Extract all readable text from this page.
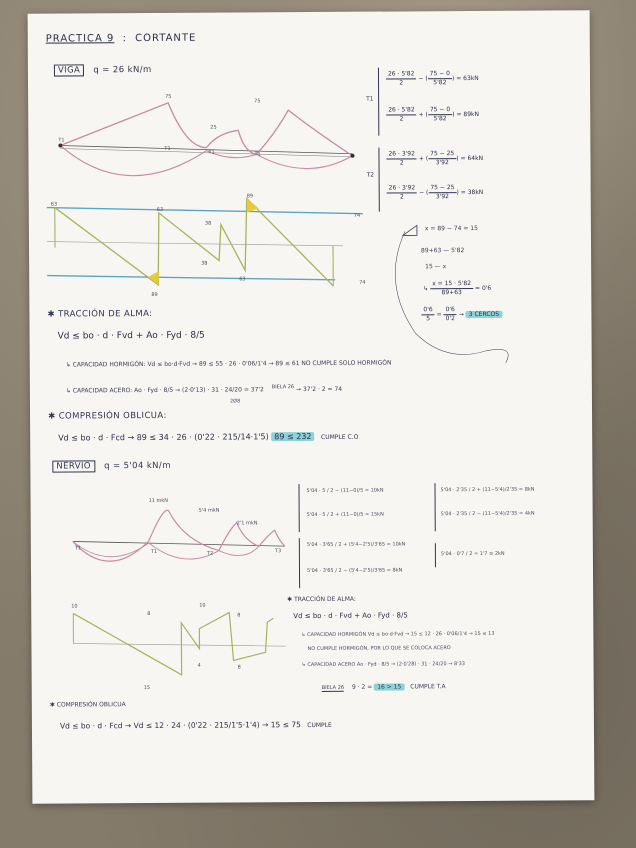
PRACTICA 9 : CORTANTE
VIGA q = 26 kN/m
75
25
75
T1
T1
T1	T1
63
63
89
38
38
89
63
74
74
T1
$\frac{26 \cdot 5'82}{2}$ − ( $\frac{75 - 0}{5'82}$ ) = 63kN
$\frac{26 \cdot 5'82}{2}$ + ( $\frac{75 - 0}{5'82}$ ) = 89kN
T2
$\frac{26 \cdot 3'92}{2}$ + ( $\frac{75 - 25}{3'92}$ ) = 64kN
$\frac{26 \cdot 3'92}{2}$ − ( $\frac{75 - 25}{3'92}$ ) = 38kN
x = 89 − 74 = 15
89+63 — 5'82
15 — x
↳ $\frac{x = 15 \cdot 5'82}{89+63} = 0'6$
$\frac{0'6}{5} = \frac{0'6}{0'2} \to 3$ CERCOS
✱ TRACCIÓN DE ALMA:
Vd ≤ bo · d · Fvd + Ao · Fyd · 8/5
↳ CAPACIDAD HORMIGÓN: Vd ≤ bo·d·Fvd → 89 ≤ 55 · 26 · 0'06/1'4 → 89 ≤ 61 NO CUMPLE SOLO HORMIGÓN
↳ CAPACIDAD ACERO: Ao · Fyd · 8/5 → (2·0'13) · 31 · 24/20 = 37'2 $^{BIELA 26}$ → 37'2 · 2 = 74
2Ø8
✱ COMPRESIÓN OBLICUA:
Vd ≤ bo · d · Fcd → 89 ≤ 34 · 26 · (0'22 · 215/14·1'5) 89 ≤ 232 CUMPLE C.O
NERVIO q = 5'04 kN/m
11 mkN
5'4 mkN
2'1 mkN
T1
T1	T2	T3
10
8
10
8
4	8
15
5'04 · 5 / 2 − (11−0)/5 = 10kN
5'04 · 5 / 2 + (11−0)/5 = 15kN
5'04 · 2'35 / 2 + (11−5'4)/2'35 = 8kN
5'04 · 2'35 / 2 − (11−5'4)/2'35 = 4kN
5'04 · 3'65 / 2 + (5'4−2'5)/3'65 = 10kN
5'04 · 3'65 / 2 − (5'4−2'5)/3'65 = 8kN
5'04 · 0'7 / 2 = 1'7 ≅ 2kN
✱ TRACCIÓN DE ALMA:
Vd ≤ bo · d · Fvd + Ao · Fyd · 8/5
↳ CAPACIDAD HORMIGÓN Vd ≤ bo·d·Fvd → 15 ≤ 12 · 26 · 0'06/1'4 → 15 ≤ 13
NO CUMPLE HORMIGÓN, POR LO QUE SE COLOCA ACERO
↳ CAPACIDAD ACERO Ao · Fyd · 8/5 → (2·0'28) · 31 · 24/20 → 8'33
BIELA 26 9 · 2 = 16 > 15 CUMPLE T.A
✱ COMPRESIÓN OBLICUA
Vd ≤ bo · d · Fcd → Vd ≤ 12 · 24 · (0'22 · 215/1'5·1'4) → 15 ≤ 75 CUMPLE
